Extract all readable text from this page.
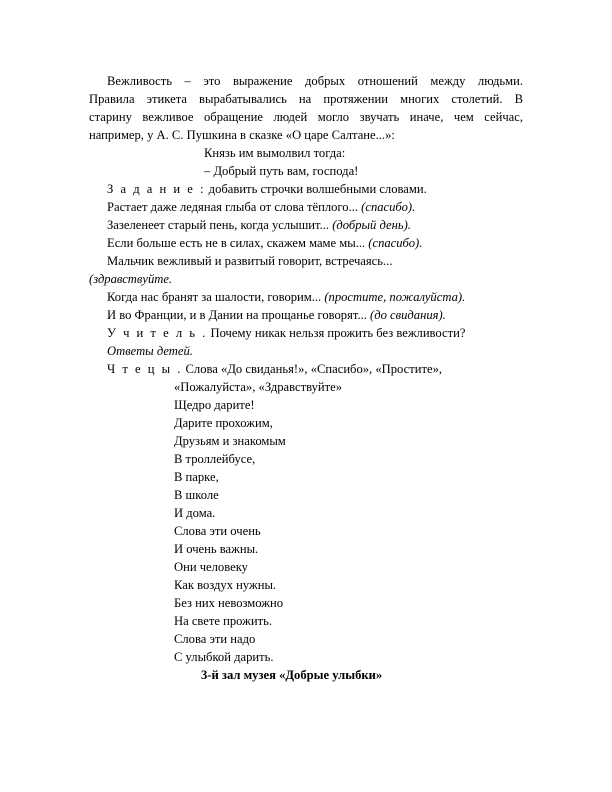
Вежливость – это выражение добрых отношений между людьми.
Правила этикета вырабатывались на протяжении многих столетий. В
старину вежливое обращение людей могло звучать иначе, чем сейчас,
например, у А. С. Пушкина в сказке «О царе Салтане...»:
Князь им вымолвил тогда:
– Добрый путь вам, господа!
З а д а н и е : добавить строчки волшебными словами.
Растает даже ледяная глыба от слова тёплого... (спасибо).
Зазеленеет старый пень, когда услышит... (добрый день).
Если больше есть не в силах, скажем маме мы... (спасибо).
Мальчик вежливый и развитый говорит, встречаясь...
(здравствуйте.
Когда нас бранят за шалости, говорим... (простите, пожалуйста).
И во Франции, и в Дании на прощанье говорят... (до свидания).
У ч и т е л ь . Почему никак нельзя прожить без вежливости?
Ответы детей.
Ч т е ц ы . Слова «До свиданья!», «Спасибо», «Простите»,
«Пожалуйста», «Здравствуйте»
Щедро дарите!
Дарите прохожим,
Друзьям и знакомым
В троллейбусе,
В парке,
В школе
И дома.
Слова эти очень
И очень важны.
Они человеку
Как воздух нужны.
Без них невозможно
На свете прожить.
Слова эти надо
С улыбкой дарить.
3-й зал музея «Добрые улыбки»
